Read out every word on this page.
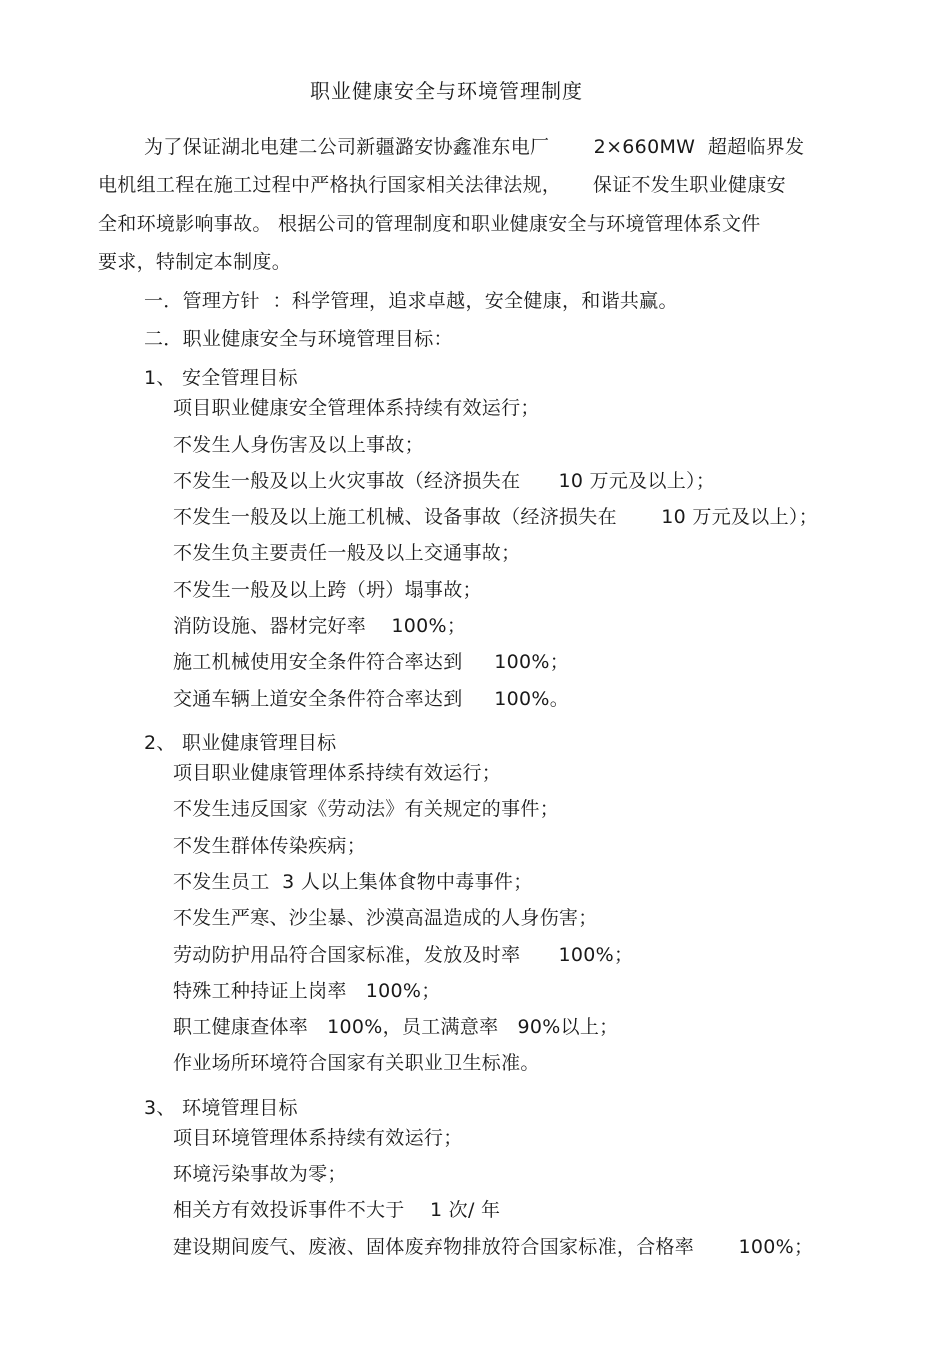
职业健康安全与环境管理制度
为了保证湖北电建二公司新疆潞安协鑫准东电厂       2×660MW  超超临界发
电机组工程在施工过程中严格执行国家相关法律法规，     保证不发生职业健康安
全和环境影响事故。 根据公司的管理制度和职业健康安全与环境管理体系文件
要求，特制定本制度。
一．管理方针  ：科学管理，追求卓越，安全健康，和谐共赢。
二．职业健康安全与环境管理目标：
1、 安全管理目标
项目职业健康安全管理体系持续有效运行；
不发生人身伤害及以上事故；
不发生一般及以上火灾事故（经济损失在      10 万元及以上）；
不发生一般及以上施工机械、设备事故（经济损失在       10 万元及以上）；
不发生负主要责任一般及以上交通事故；
不发生一般及以上跨（坍）塌事故；
消防设施、器材完好率    100%；
施工机械使用安全条件符合率达到     100%；
交通车辆上道安全条件符合率达到     100%。
2、 职业健康管理目标
项目职业健康管理体系持续有效运行；
不发生违反国家《劳动法》有关规定的事件；
不发生群体传染疾病；
不发生员工  3 人以上集体食物中毒事件；
不发生严寒、沙尘暴、沙漠高温造成的人身伤害；
劳动防护用品符合国家标准，发放及时率      100%；
特殊工种持证上岗率   100%；
职工健康查体率   100%，员工满意率   90%以上；
作业场所环境符合国家有关职业卫生标准。
3、 环境管理目标
项目环境管理体系持续有效运行；
环境污染事故为零；
相关方有效投诉事件不大于    1 次/ 年
建设期间废气、废液、固体废弃物排放符合国家标准，合格率       100%；
